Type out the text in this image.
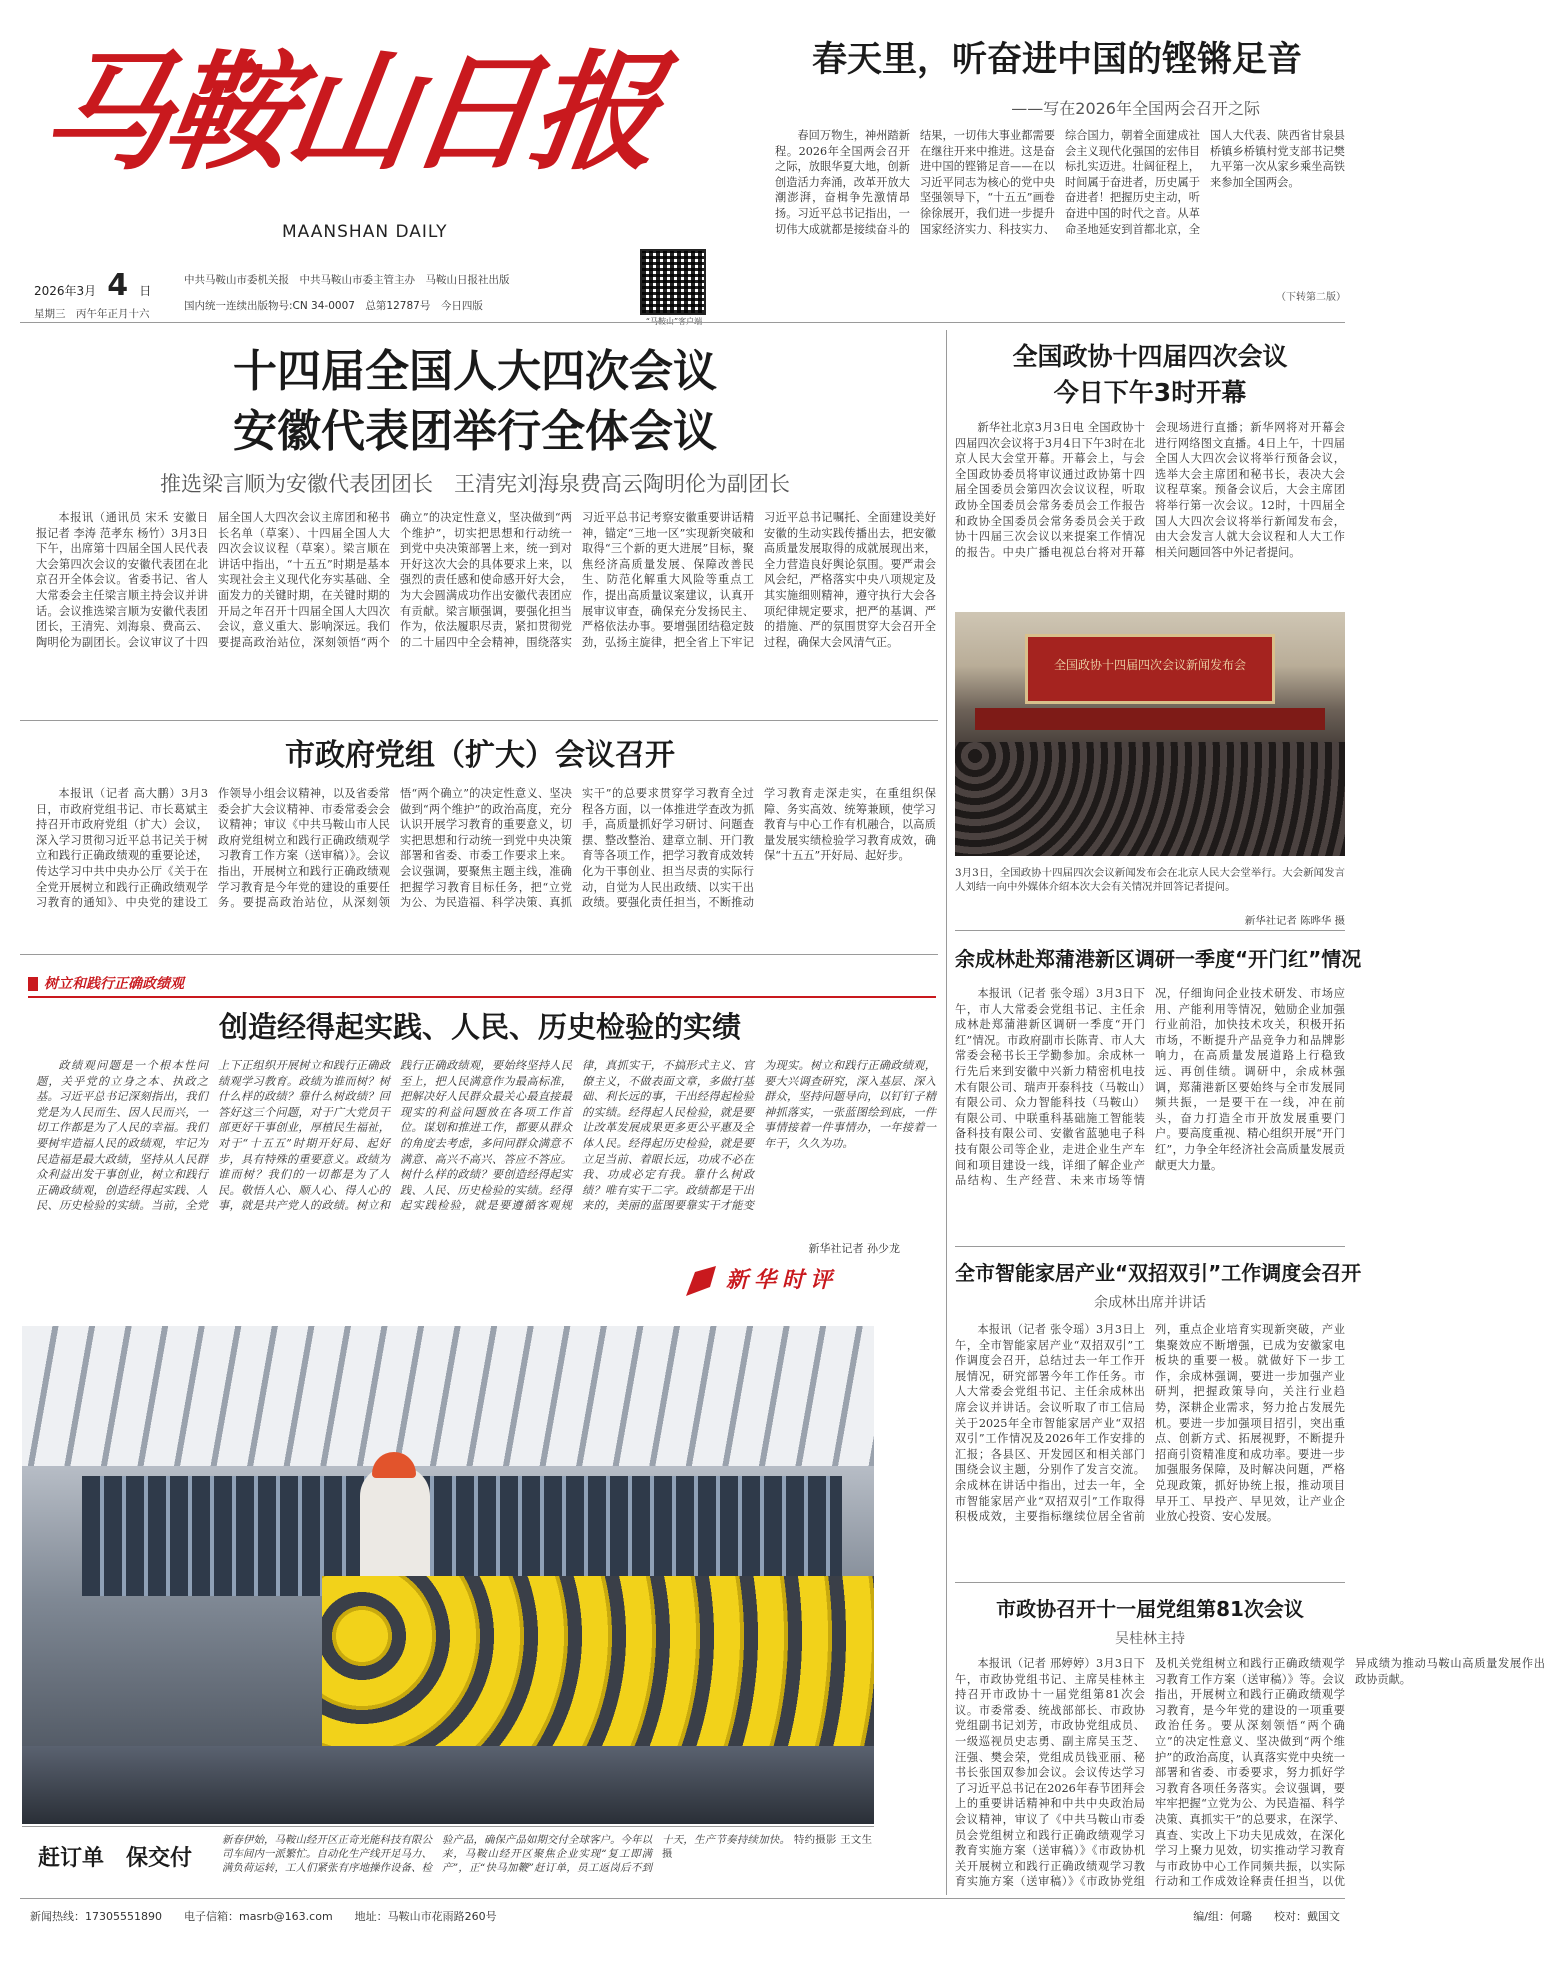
马鞍山日报
MAANSHAN DAILY
2026年3月 4 日
星期三　丙午年正月十六
中共马鞍山市委机关报　中共马鞍山市委主管主办　马鞍山日报社出版
国内统一连续出版物号:CN 34-0007　总第12787号　今日四版
春天里，听奋进中国的铿锵足音
——写在2026年全国两会召开之际

春回万物生，神州踏新程。2026年全国两会召开之际，放眼华夏大地，创新创造活力奔涌，改革开放大潮澎湃，奋楫争先激情昂扬。习近平总书记指出，一切伟大成就都是接续奋斗的结果，一切伟大事业都需要在继往开来中推进。这是奋进中国的铿锵足音——在以习近平同志为核心的党中央坚强领导下，“十五五”画卷徐徐展开，我们进一步提升国家经济实力、科技实力、综合国力，朝着全面建成社会主义现代化强国的宏伟目标扎实迈进。壮阔征程上，时间属于奋进者，历史属于奋进者！把握历史主动，听奋进中国的时代之音。从革命圣地延安到首都北京，全国人大代表、陕西省甘泉县桥镇乡桥镇村党支部书记樊九平第一次从家乡乘坐高铁来参加全国两会。

（下转第二版）
十四届全国人大四次会议
安徽代表团举行全体会议
推选梁言顺为安徽代表团团长　王清宪刘海泉费高云陶明伦为副团长

本报讯（通讯员 宋禾 安徽日报记者 李涛 范孝东 杨竹）3月3日下午，出席第十四届全国人民代表大会第四次会议的安徽代表团在北京召开全体会议。省委书记、省人大常委会主任梁言顺主持会议并讲话。会议推选梁言顺为安徽代表团团长，王清宪、刘海泉、费高云、陶明伦为副团长。会议审议了十四届全国人大四次会议主席团和秘书长名单（草案）、十四届全国人大四次会议议程（草案）。梁言顺在讲话中指出，“十五五”时期是基本实现社会主义现代化夯实基础、全面发力的关键时期，在关键时期的开局之年召开十四届全国人大四次会议，意义重大、影响深远。我们要提高政治站位，深刻领悟“两个确立”的决定性意义，坚决做到“两个维护”，切实把思想和行动统一到党中央决策部署上来，统一到对开好这次大会的具体要求上来，以强烈的责任感和使命感开好大会，为大会圆满成功作出安徽代表团应有贡献。梁言顺强调，要强化担当作为，依法履职尽责，紧扣贯彻党的二十届四中全会精神，围绕落实习近平总书记考察安徽重要讲话精神，锚定“三地一区”实现新突破和取得“三个新的更大进展”目标，聚焦经济高质量发展、保障改善民生、防范化解重大风险等重点工作，提出高质量议案建议，认真开展审议审查，确保充分发扬民主、严格依法办事。要增强团结稳定鼓劲，弘扬主旋律，把全省上下牢记习近平总书记嘱托、全面建设美好安徽的生动实践传播出去，把安徽高质量发展取得的成就展现出来，全力营造良好舆论氛围。要严肃会风会纪，严格落实中央八项规定及其实施细则精神，遵守执行大会各项纪律规定要求，把严的基调、严的措施、严的氛围贯穿大会召开全过程，确保大会风清气正。

全国政协十四届四次会议
今日下午3时开幕

新华社北京3月3日电 全国政协十四届四次会议将于3月4日下午3时在北京人民大会堂开幕。开幕会上，与会全国政协委员将审议通过政协第十四届全国委员会第四次会议议程，听取政协全国委员会常务委员会工作报告和政协全国委员会常务委员会关于政协十四届三次会议以来提案工作情况的报告。中央广播电视总台将对开幕会现场进行直播；新华网将对开幕会进行网络图文直播。4日上午，十四届全国人大四次会议将举行预备会议，选举大会主席团和秘书长，表决大会议程草案。预备会议后，大会主席团将举行第一次会议。12时，十四届全国人大四次会议将举行新闻发布会，由大会发言人就大会议程和人大工作相关问题回答中外记者提问。

全国政协十四届四次会议新闻发布会
3月3日，全国政协十四届四次会议新闻发布会在北京人民大会堂举行。大会新闻发言人刘结一向中外媒体介绍本次大会有关情况并回答记者提问。
新华社记者 陈晔华 摄
余成林赴郑蒲港新区调研一季度“开门红”情况

本报讯（记者 张令瑶）3月3日下午，市人大常委会党组书记、主任余成林赴郑蒲港新区调研一季度“开门红”情况。市政府副市长陈青、市人大常委会秘书长王学勤参加。余成林一行先后来到安徽中兴新力精密机电技术有限公司、瑞声开泰科技（马鞍山）有限公司、众力智能科技（马鞍山）有限公司、中联重科基础施工智能装备科技有限公司、安徽省蓝驰电子科技有限公司等企业，走进企业生产车间和项目建设一线，详细了解企业产品结构、生产经营、未来市场等情况，仔细询问企业技术研发、市场应用、产能利用等情况，勉励企业加强行业前沿，加快技术攻关，积极开拓市场，不断提升产品竞争力和品牌影响力，在高质量发展道路上行稳致远、再创佳绩。调研中，余成林强调，郑蒲港新区要始终与全市发展同频共振，一是要干在一线，冲在前头，奋力打造全市开放发展重要门户。要高度重视、精心组织开展“开门红”，力争全年经济社会高质量发展贡献更大力量。

全市智能家居产业“双招双引”工作调度会召开
余成林出席并讲话

本报讯（记者 张令瑶）3月3日上午，全市智能家居产业“双招双引”工作调度会召开，总结过去一年工作开展情况，研究部署今年工作任务。市人大常委会党组书记、主任余成林出席会议并讲话。会议听取了市工信局关于2025年全市智能家居产业“双招双引”工作情况及2026年工作安排的汇报；各县区、开发园区和相关部门围绕会议主题，分别作了发言交流。余成林在讲话中指出，过去一年，全市智能家居产业“双招双引”工作取得积极成效，主要指标继续位居全省前列，重点企业培育实现新突破，产业集聚效应不断增强，已成为安徽家电板块的重要一极。就做好下一步工作，余成林强调，要进一步加强产业研判，把握政策导向，关注行业趋势，深耕企业需求，努力抢占发展先机。要进一步加强项目招引，突出重点、创新方式、拓展视野，不断提升招商引资精准度和成功率。要进一步加强服务保障，及时解决问题，严格兑现政策，抓好协统上报，推动项目早开工、早投产、早见效，让产业企业放心投资、安心发展。

市政协召开十一届党组第81次会议
吴桂林主持

本报讯（记者 邢婷婷）3月3日下午，市政协党组书记、主席吴桂林主持召开市政协十一届党组第81次会议。市委常委、统战部部长、市政协党组副书记刘芳，市政协党组成员、一级巡视员史志勇、副主席吴玉芝、汪强、樊会荣，党组成员钱亚丽、秘书长张国双参加会议。会议传达学习了习近平总书记在2026年春节团拜会上的重要讲话精神和中共中央政治局会议精神，审议了《中共马鞍山市委员会党组树立和践行正确政绩观学习教育实施方案（送审稿）》《市政协机关开展树立和践行正确政绩观学习教育实施方案（送审稿）》《市政协党组及机关党组树立和践行正确政绩观学习教育工作方案（送审稿）》等。会议指出，开展树立和践行正确政绩观学习教育，是今年党的建设的一项重要政治任务。要从深刻领悟“两个确立”的决定性意义、坚决做到“两个维护”的政治高度，认真落实党中央统一部署和省委、市委要求，努力抓好学习教育各项任务落实。会议强调，要牢牢把握“立党为公、为民造福、科学决策、真抓实干”的总要求，在深学、真查、实改上下功夫见成效，在深化学习上聚力见效，切实推动学习教育与市政协中心工作同频共振，以实际行动和工作成效诠释责任担当，以优异成绩为推动马鞍山高质量发展作出政协贡献。

市政府党组（扩大）会议召开

本报讯（记者 高大鹏）3月3日，市政府党组书记、市长葛斌主持召开市政府党组（扩大）会议，深入学习贯彻习近平总书记关于树立和践行正确政绩观的重要论述，传达学习中共中央办公厅《关于在全党开展树立和践行正确政绩观学习教育的通知》、中央党的建设工作领导小组会议精神，以及省委常委会扩大会议精神、市委常委会会议精神；审议《中共马鞍山市人民政府党组树立和践行正确政绩观学习教育工作方案（送审稿）》。会议指出，开展树立和践行正确政绩观学习教育是今年党的建设的重要任务。要提高政治站位，从深刻领悟“两个确立”的决定性意义、坚决做到“两个维护”的政治高度，充分认识开展学习教育的重要意义，切实把思想和行动统一到党中央决策部署和省委、市委工作要求上来。会议强调，要聚焦主题主线，准确把握学习教育目标任务，把“立党为公、为民造福、科学决策、真抓实干”的总要求贯穿学习教育全过程各方面，以一体推进学查改为抓手，高质量抓好学习研讨、问题查摆、整改整治、建章立制、开门教育等各项工作，把学习教育成效转化为干事创业、担当尽责的实际行动，自觉为人民出政绩、以实干出政绩。要强化责任担当，不断推动学习教育走深走实，在重组织保障、务实高效、统筹兼顾，使学习教育与中心工作有机融合，以高质量发展实绩检验学习教育成效，确保“十五五”开好局、起好步。

树立和践行正确政绩观
创造经得起实践、人民、历史检验的实绩

政绩观问题是一个根本性问题，关乎党的立身之本、执政之基。习近平总书记深刻指出，我们党是为人民而生、因人民而兴，一切工作都是为了人民的幸福。我们要树牢造福人民的政绩观，牢记为民造福是最大政绩，坚持从人民群众利益出发干事创业，树立和践行正确政绩观，创造经得起实践、人民、历史检验的实绩。当前，全党上下正组织开展树立和践行正确政绩观学习教育。政绩为谁而树？树什么样的政绩？靠什么树政绩？回答好这三个问题，对于广大党员干部更好干事创业，厚植民生福祉，对于“十五五”时期开好局、起好步，具有特殊的重要意义。政绩为谁而树？我们的一切都是为了人民。敬悟人心、顺人心、得人心的事，就是共产党人的政绩。树立和践行正确政绩观，要始终坚持人民至上，把人民满意作为最高标准，把解决好人民群众最关心最直接最现实的利益问题放在各项工作首位。谋划和推进工作，都要从群众的角度去考虑，多问问群众满意不满意、高兴不高兴、答应不答应。树什么样的政绩？要创造经得起实践、人民、历史检验的实绩。经得起实践检验，就是要遵循客观规律，真抓实干，不搞形式主义、官僚主义，不做表面文章，多做打基础、利长远的事，干出经得起检验的实绩。经得起人民检验，就是要让改革发展成果更多更公平惠及全体人民。经得起历史检验，就是要立足当前、着眼长远，功成不必在我、功成必定有我。靠什么树政绩？唯有实干二字。政绩都是干出来的，美丽的蓝图要靠实干才能变为现实。树立和践行正确政绩观，要大兴调查研究，深入基层、深入群众，坚持问题导向，以钉钉子精神抓落实，一张蓝图绘到底，一件事情接着一件事情办，一年接着一年干，久久为功。

新华社记者 孙少龙
新华时评
赶订单　保交付
新春伊始，马鞍山经开区正奇光能科技有限公司车间内一派繁忙。自动化生产线开足马力、满负荷运转，工人们紧张有序地操作设备、检验产品，确保产品如期交付全球客户。今年以来，马鞍山经开区聚焦企业实现“复工即满产”，正“快马加鞭”赶订单，员工返岗后不到十天，生产节奏持续加快。 特约摄影 王文生 摄
新闻热线：17305551890　　电子信箱：masrb@163.com　　地址：马鞍山市花雨路260号	编/组：何璐　　校对：戴国文
